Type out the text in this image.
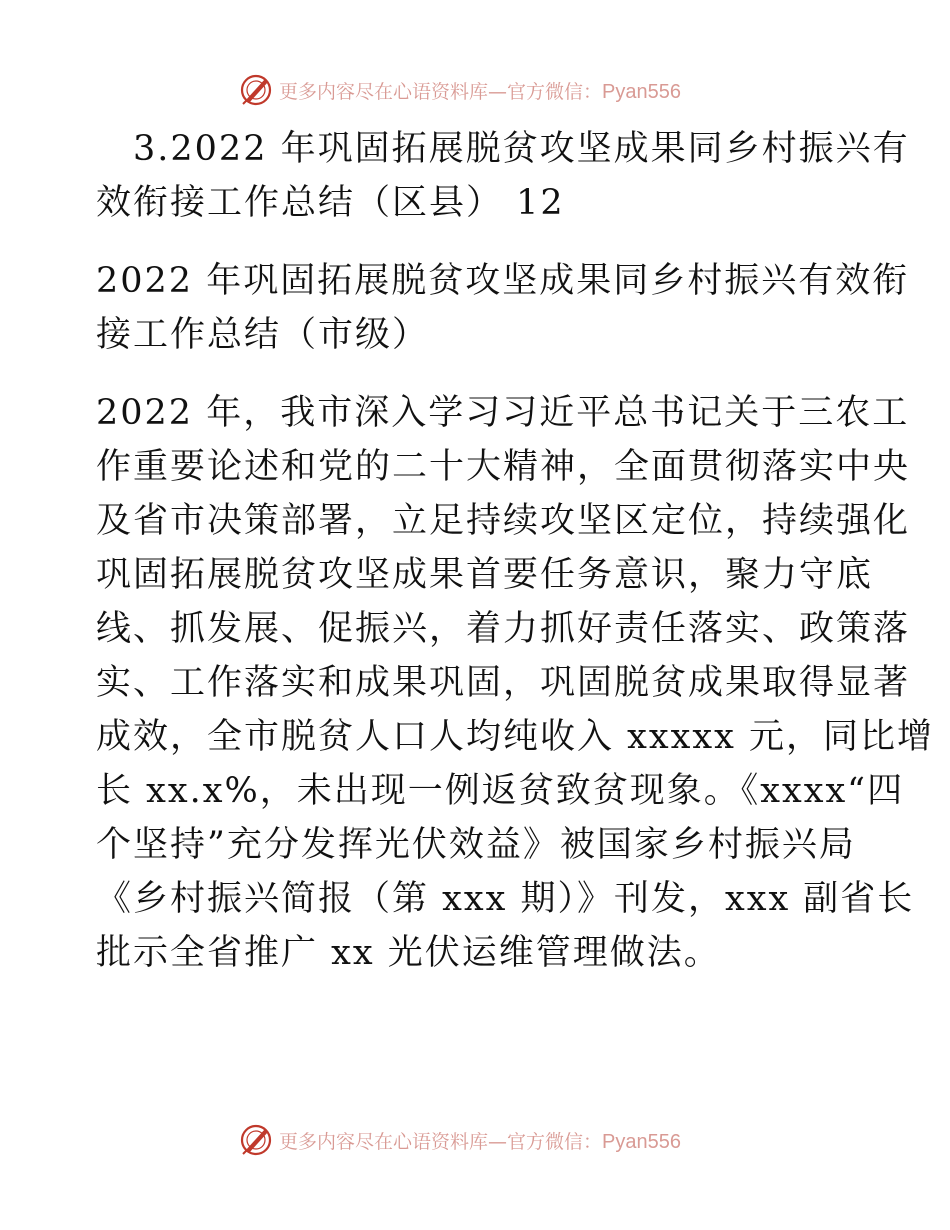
更多内容尽在心语资料库—官方微信：Pyan556
　3.2022 年巩固拓展脱贫攻坚成果同乡村振兴有
效衔接工作总结（区县） 12
2022 年巩固拓展脱贫攻坚成果同乡村振兴有效衔
接工作总结（市级）
2022 年，我市深入学习习近平总书记关于三农工
作重要论述和党的二十大精神，全面贯彻落实中央
及省市决策部署，立足持续攻坚区定位，持续强化
巩固拓展脱贫攻坚成果首要任务意识，聚力守底
线、抓发展、促振兴，着力抓好责任落实、政策落
实、工作落实和成果巩固，巩固脱贫成果取得显著
成效，全市脱贫人口人均纯收入 xxxxx 元，同比增
长 xx.x%，未出现一例返贫致贫现象。《xxxx“四
个坚持”充分发挥光伏效益》被国家乡村振兴局
《乡村振兴简报（第 xxx 期）》刊发，xxx 副省长
批示全省推广 xx 光伏运维管理做法。
更多内容尽在心语资料库—官方微信：Pyan556
